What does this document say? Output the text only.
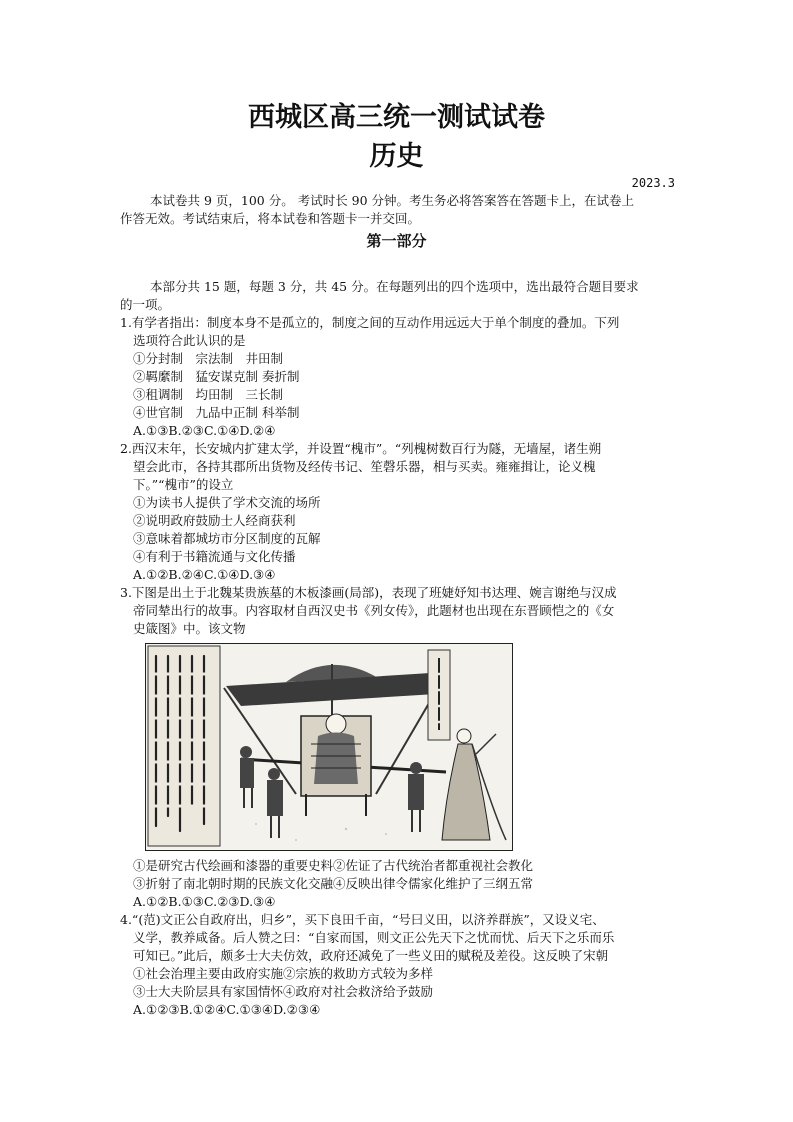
西城区高三统一测试试卷
历史
2023.3
本试卷共 9 页，100 分。 考试时长 90 分钟。考生务必将答案答在答题卡上，在试卷上
作答无效。考试结束后，将本试卷和答题卡一并交回。
第一部分
本部分共 15 题，每题 3 分，共 45 分。在每题列出的四个选项中，选出最符合题目要求
的一项。
1.有学者指出：制度本身不是孤立的，制度之间的互动作用远远大于单个制度的叠加。下列
选项符合此认识的是
①分封制　宗法制　井田制
②羁縻制　猛安谋克制 奏折制
③租调制　均田制　三长制
④世官制　九品中正制 科举制
A.①③B.②③C.①④D.②④
2.西汉末年，长安城内扩建太学，并设置“槐市”。“列槐树数百行为隧，无墙屋，诸生朔
望会此市，各持其郡所出货物及经传书记、笙磬乐器，相与买卖。雍雍揖让，论义槐
下。”“槐市”的设立
①为读书人提供了学术交流的场所
②说明政府鼓励士人经商获利
③意味着都城坊市分区制度的瓦解
④有利于书籍流通与文化传播
A.①②B.②④C.①④D.③④
3.下图是出土于北魏某贵族墓的木板漆画(局部)，表现了班婕妤知书达理、婉言谢绝与汉成
帝同辇出行的故事。内容取材自西汉史书《列女传》，此题材也出现在东晋顾恺之的《女
史箴图》中。该文物
①是研究古代绘画和漆器的重要史料②佐证了古代统治者都重视社会教化
③折射了南北朝时期的民族文化交融④反映出律令儒家化维护了三纲五常
A.①②B.①③C.②③D.③④
4.“(范)文正公自政府出，归乡”，买下良田千亩，“号曰义田，以济养群族”，又设义宅、
义学，教养咸备。后人赞之曰：“自家而国，则文正公先天下之忧而忧、后天下之乐而乐
可知已。”此后，颇多士大夫仿效，政府还减免了一些义田的赋税及差役。这反映了宋朝
①社会治理主要由政府实施②宗族的救助方式较为多样
③士大夫阶层具有家国情怀④政府对社会救济给予鼓励
A.①②③B.①②④C.①③④D.②③④
